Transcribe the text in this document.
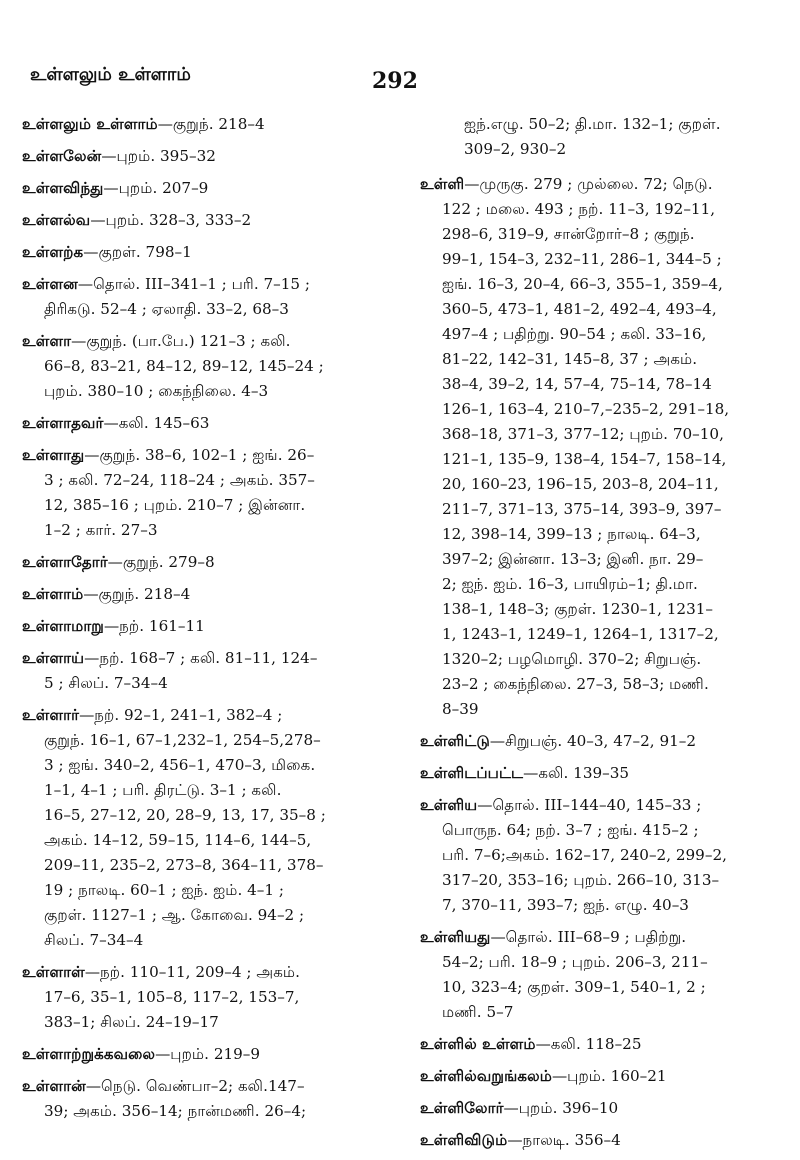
உள்ளலும் உள்ளாம்	292
உள்ளலும் உள்ளாம்—குறுந். 218–4
உள்ளலேன்—புறம். 395–32
உள்ளவிந்து—புறம். 207–9
உள்ளல்வ—புறம். 328–3, 333–2
உள்ளற்க—குறள். 798–1
உள்ளன—தொல். III–341–1 ; பரி. 7–15 ;
திரிகடு. 52–4 ; ஏலாதி. 33–2, 68–3
உள்ளா—குறுந். (பா.பே.) 121–3 ; கலி.
66–8, 83–21, 84–12, 89–12, 145–24 ;
புறம். 380–10 ; கைந்நிலை. 4–3
உள்ளாதவர்—கலி. 145–63
உள்ளாது—குறுந். 38–6, 102–1 ; ஐங். 26–
3 ; கலி. 72–24, 118–24 ; அகம். 357–
12, 385–16 ; புறம். 210–7 ; இன்னா.
1–2 ; கார். 27–3
உள்ளாதோர்—குறுந். 279–8
உள்ளாம்—குறுந். 218–4
உள்ளாமாறு—நற். 161–11
உள்ளாய்—நற். 168–7 ; கலி. 81–11, 124–
5 ; சிலப். 7–34–4
உள்ளார்—நற். 92–1, 241–1, 382–4 ;
குறுந். 16–1, 67–1,232–1, 254–5,278–
3 ; ஐங். 340–2, 456–1, 470–3, மிகை.
1–1, 4–1 ; பரி. திரட்டு. 3–1 ; கலி.
16–5, 27–12, 20, 28–9, 13, 17, 35–8 ;
அகம். 14–12, 59–15, 114–6, 144–5,
209–11, 235–2, 273–8, 364–11, 378–
19 ; நாலடி. 60–1 ; ஐந். ஐம். 4–1 ;
குறள். 1127–1 ; ஆ. கோவை. 94–2 ;
சிலப். 7–34–4
உள்ளாள்—நற். 110–11, 209–4 ; அகம்.
17–6, 35–1, 105–8, 117–2, 153–7,
383–1; சிலப். 24–19–17
உள்ளாற்றுக்கவலை—புறம். 219–9
உள்ளான்—நெடு. வெண்பா–2; கலி.147–
39; அகம். 356–14; நான்மணி. 26–4;
ஐந்.எழு. 50–2; தி.மா. 132–1; குறள்.
309–2, 930–2
உள்ளி—முருகு. 279 ; முல்லை. 72; நெடு.
122 ; மலை. 493 ; நற். 11–3, 192–11,
298–6, 319–9, சான்றோர்–8 ; குறுந்.
99–1, 154–3, 232–11, 286–1, 344–5 ;
ஐங். 16–3, 20–4, 66–3, 355–1, 359–4,
360–5, 473–1, 481–2, 492–4, 493–4,
497–4 ; பதிற்று. 90–54 ; கலி. 33–16,
81–22, 142–31, 145–8, 37 ; அகம்.
38–4, 39–2, 14, 57–4, 75–14, 78–14
126–1, 163–4, 210–7,–235–2, 291–18,
368–18, 371–3, 377–12; புறம். 70–10,
121–1, 135–9, 138–4, 154–7, 158–14,
20, 160–23, 196–15, 203–8, 204–11,
211–7, 371–13, 375–14, 393–9, 397–
12, 398–14, 399–13 ; நாலடி. 64–3,
397–2; இன்னா. 13–3; இனி. நா. 29–
2; ஐந். ஐம். 16–3, பாயிரம்–1; தி.மா.
138–1, 148–3; குறள். 1230–1, 1231–
1, 1243–1, 1249–1, 1264–1, 1317–2,
1320–2; பழமொழி. 370–2; சிறுபஞ்.
23–2 ; கைந்நிலை. 27–3, 58–3; மணி.
8–39
உள்ளிட்டு—சிறுபஞ். 40–3, 47–2, 91–2
உள்ளிடப்பட்ட—கலி. 139–35
உள்ளிய—தொல். III–144–40, 145–33 ;
பொருந. 64; நற். 3–7 ; ஐங். 415–2 ;
பரி. 7–6;அகம். 162–17, 240–2, 299–2,
317–20, 353–16; புறம். 266–10, 313–
7, 370–11, 393–7; ஐந். எழு. 40–3
உள்ளியது—தொல். III–68–9 ; பதிற்று.
54–2; பரி. 18–9 ; புறம். 206–3, 211–
10, 323–4; குறள். 309–1, 540–1, 2 ;
மணி. 5–7
உள்ளில் உள்ளம்—கலி. 118–25
உள்ளில்வறுங்கலம்—புறம். 160–21
உள்ளிலோர்—புறம். 396–10
உள்ளிவிடும்—நாலடி. 356–4
